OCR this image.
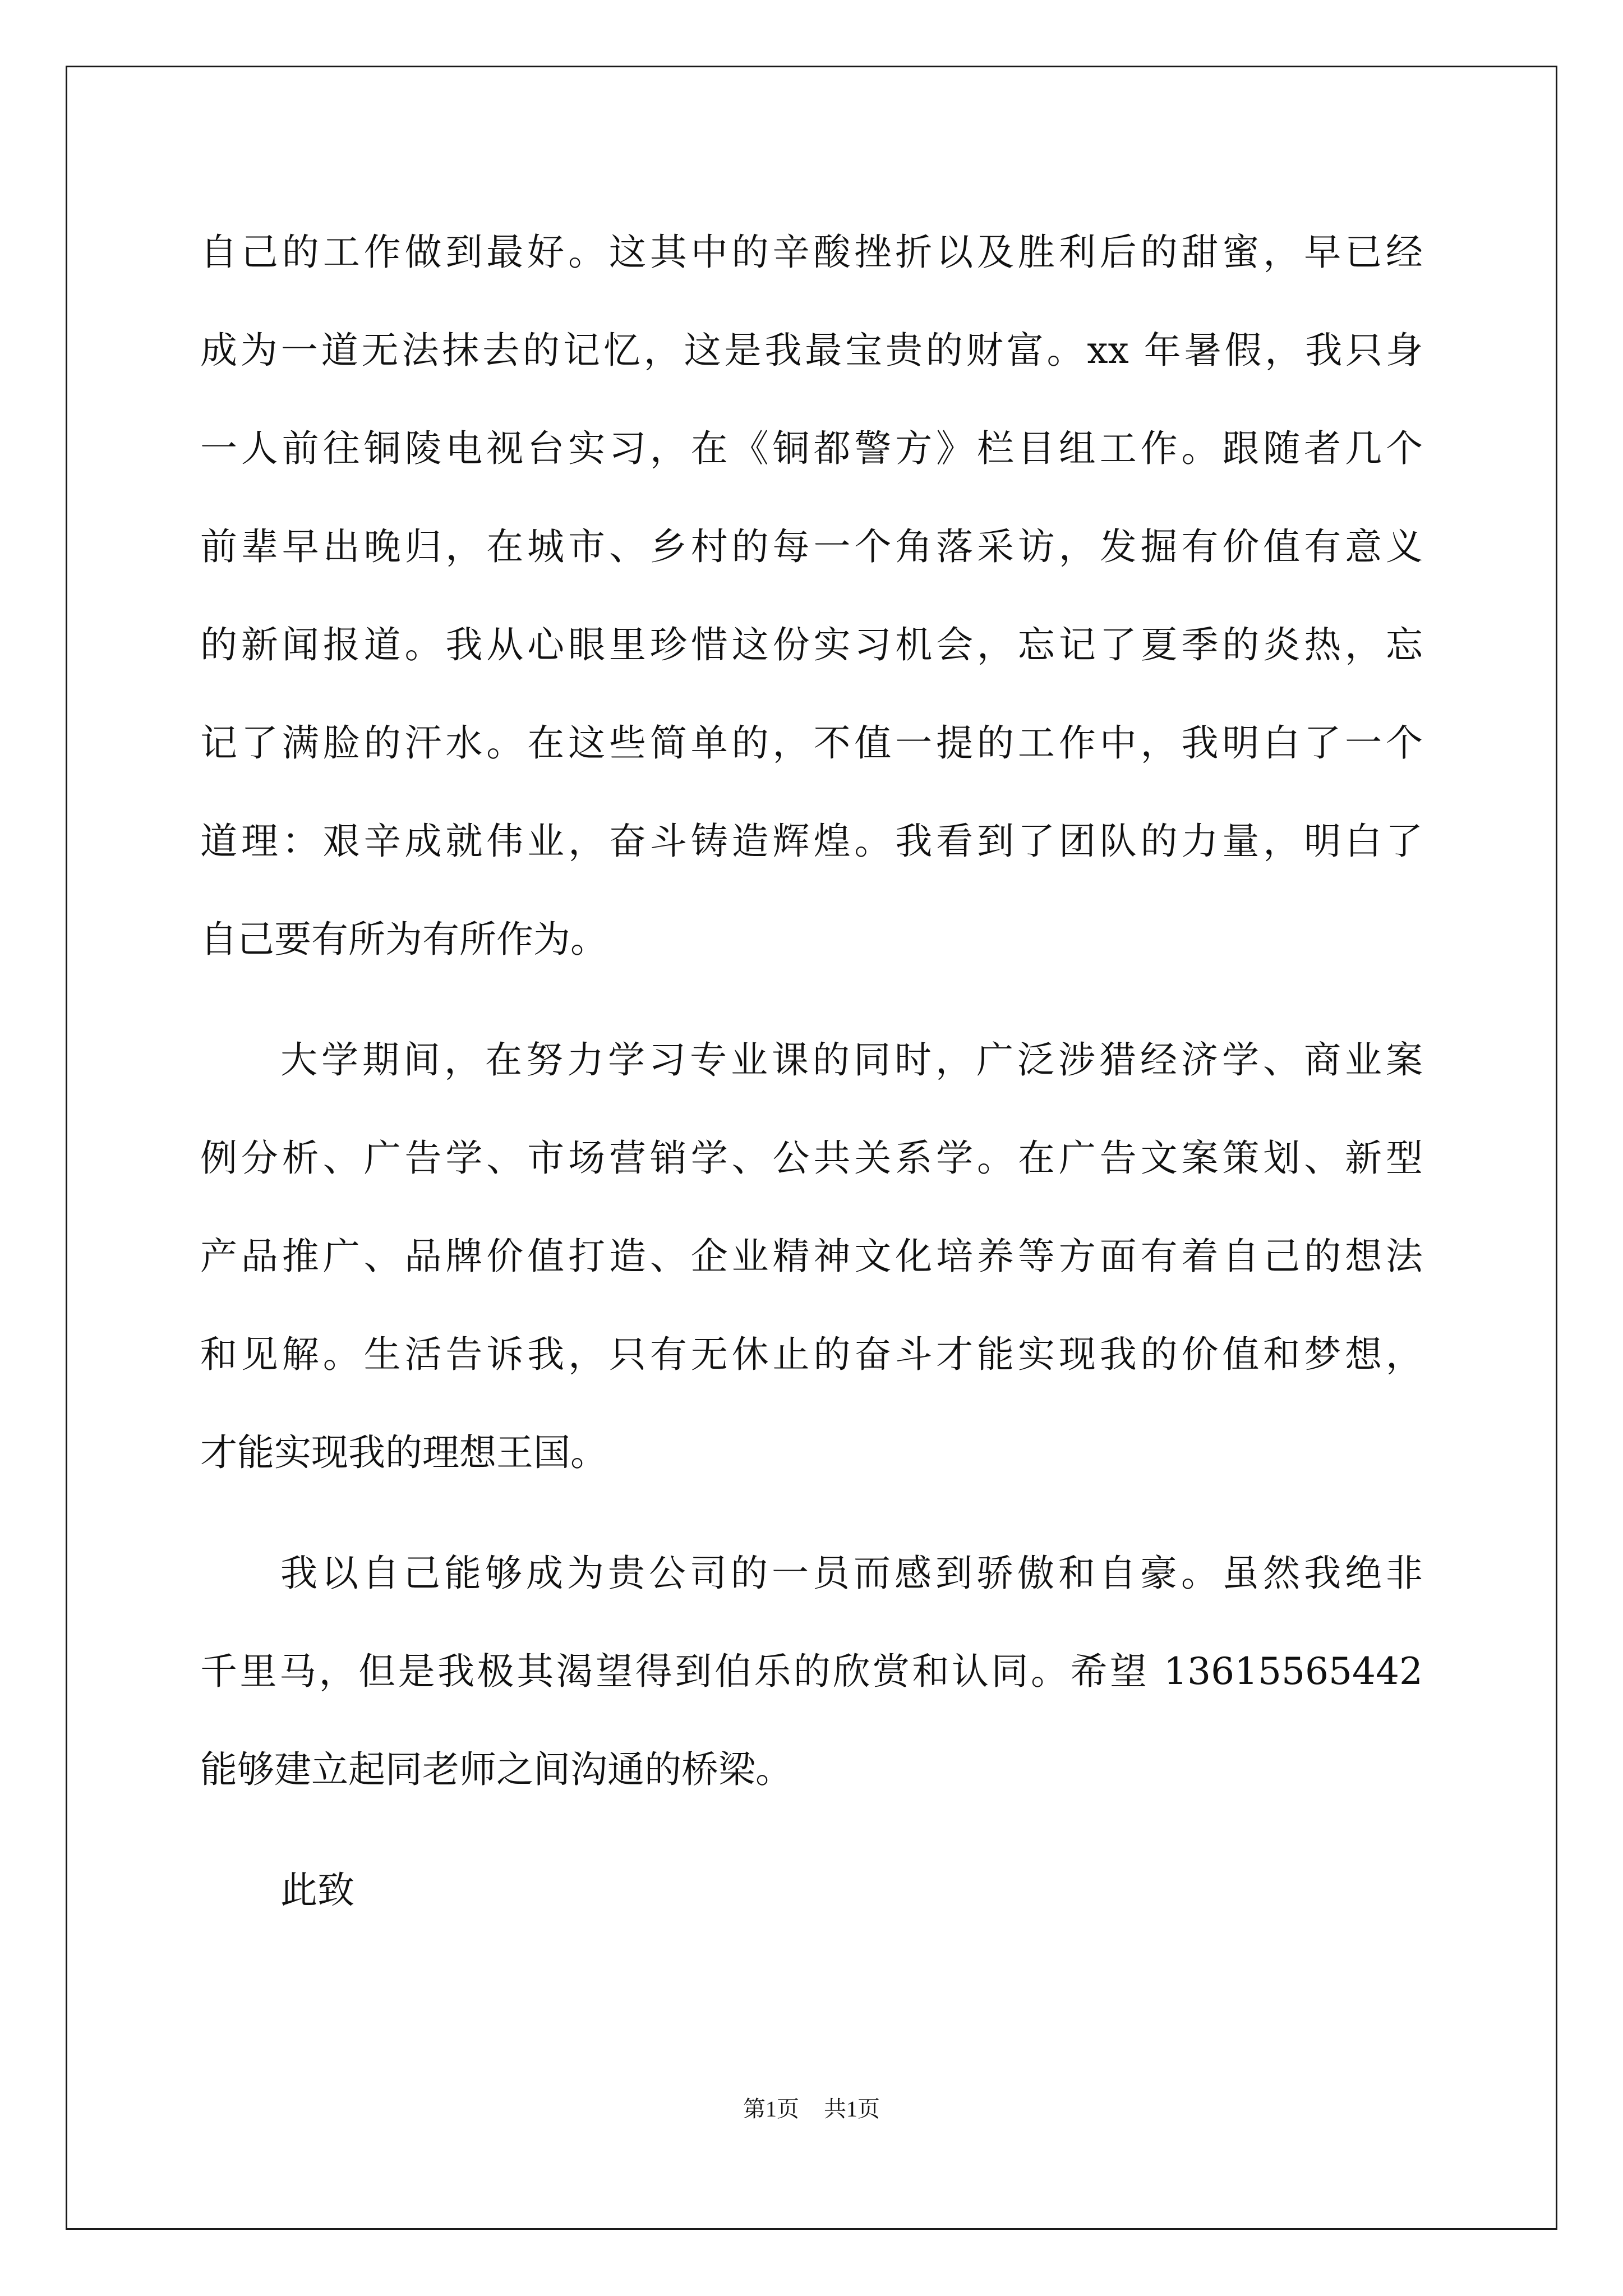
自己的工作做到最好。这其中的辛酸挫折以及胜利后的甜蜜，早已经
成为一道无法抹去的记忆，这是我最宝贵的财富。xx 年暑假，我只身
一人前往铜陵电视台实习，在《铜都警方》栏目组工作。跟随者几个
前辈早出晚归，在城市、乡村的每一个角落采访，发掘有价值有意义
的新闻报道。我从心眼里珍惜这份实习机会，忘记了夏季的炎热，忘
记了满脸的汗水。在这些简单的，不值一提的工作中，我明白了一个
道理：艰辛成就伟业，奋斗铸造辉煌。我看到了团队的力量，明白了
自己要有所为有所作为。
大学期间，在努力学习专业课的同时，广泛涉猎经济学、商业案
例分析、广告学、市场营销学、公共关系学。在广告文案策划、新型
产品推广、品牌价值打造、企业精神文化培养等方面有着自己的想法
和见解。生活告诉我，只有无休止的奋斗才能实现我的价值和梦想，
才能实现我的理想王国。
我以自己能够成为贵公司的一员而感到骄傲和自豪。虽然我绝非
千里马，但是我极其渴望得到伯乐的欣赏和认同。希望 13615565442
能够建立起同老师之间沟通的桥梁。
此致
第1页 共1页
